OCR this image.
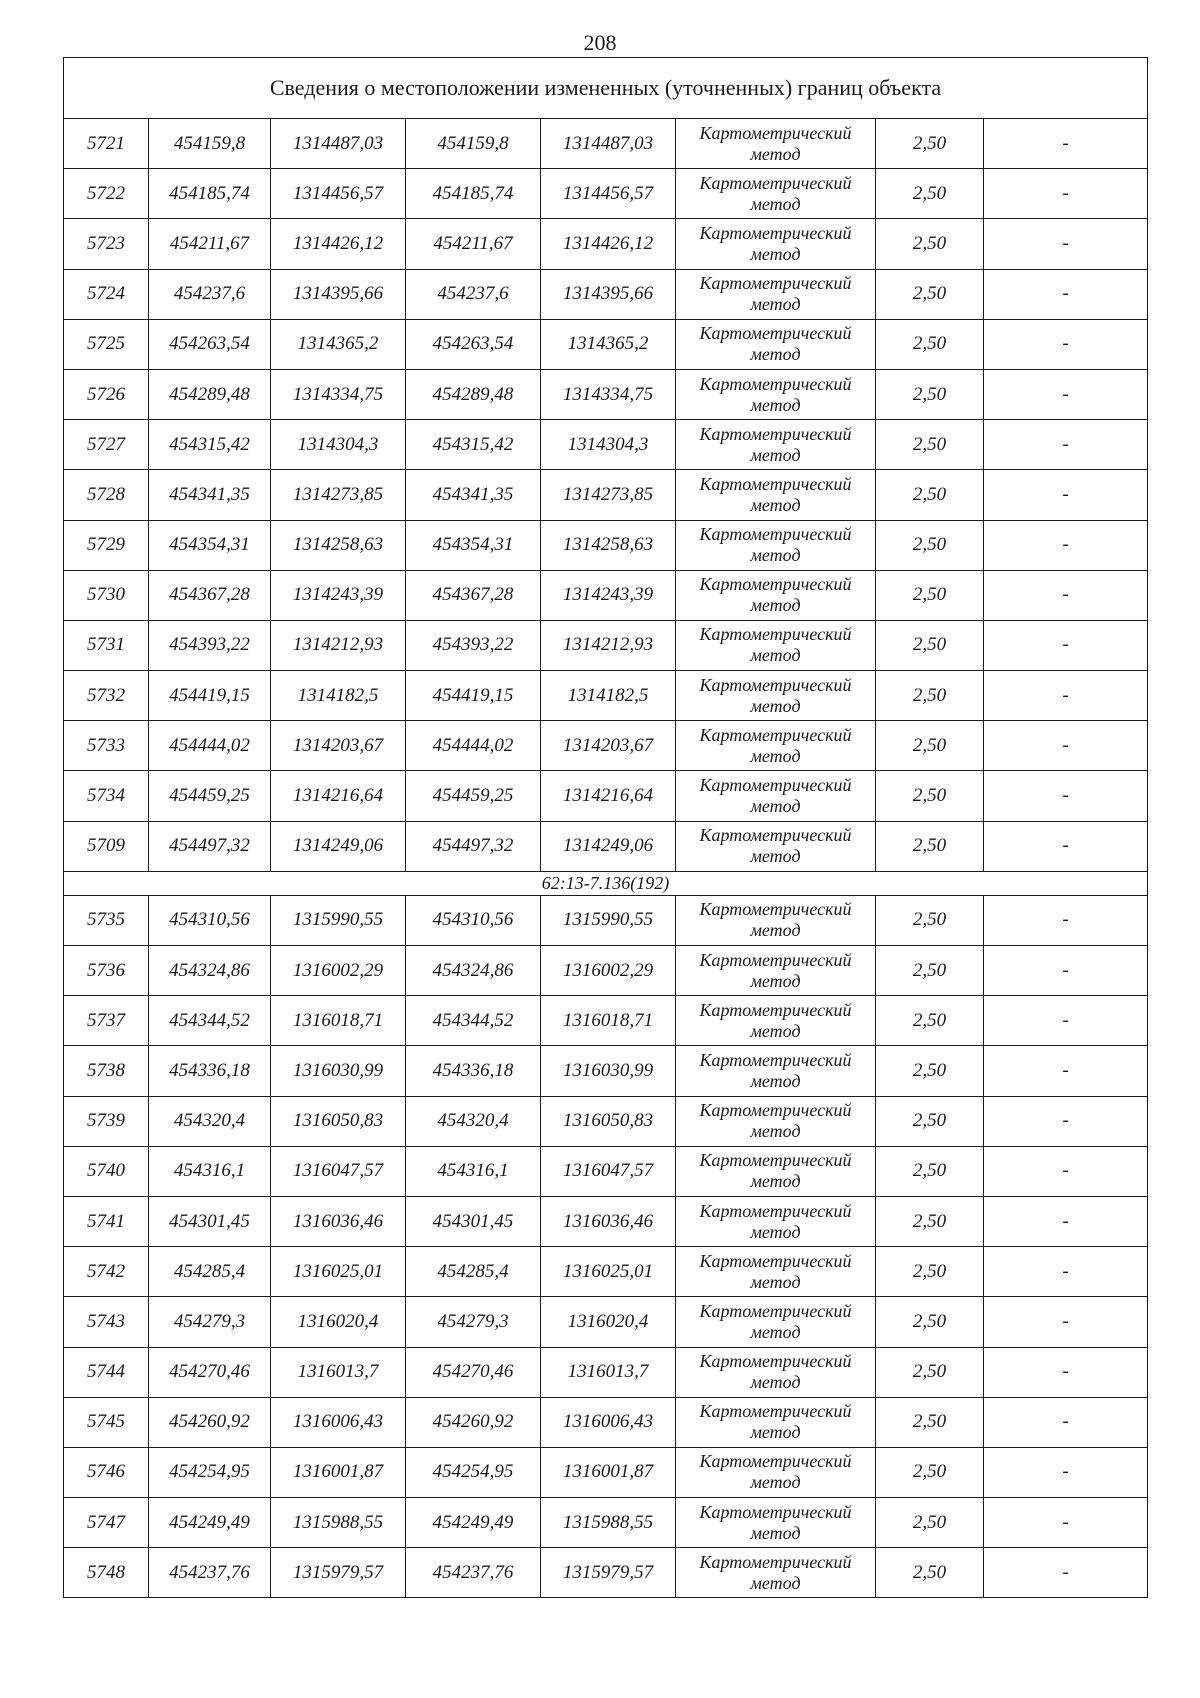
208
Сведения о местоположении измененных (уточненных) границ объекта							
5721	454159,8	1314487,03	454159,8	1314487,03	Картометрический
метод	2,50	-
5722	454185,74	1314456,57	454185,74	1314456,57	Картометрический
метод	2,50	-
5723	454211,67	1314426,12	454211,67	1314426,12	Картометрический
метод	2,50	-
5724	454237,6	1314395,66	454237,6	1314395,66	Картометрический
метод	2,50	-
5725	454263,54	1314365,2	454263,54	1314365,2	Картометрический
метод	2,50	-
5726	454289,48	1314334,75	454289,48	1314334,75	Картометрический
метод	2,50	-
5727	454315,42	1314304,3	454315,42	1314304,3	Картометрический
метод	2,50	-
5728	454341,35	1314273,85	454341,35	1314273,85	Картометрический
метод	2,50	-
5729	454354,31	1314258,63	454354,31	1314258,63	Картометрический
метод	2,50	-
5730	454367,28	1314243,39	454367,28	1314243,39	Картометрический
метод	2,50	-
5731	454393,22	1314212,93	454393,22	1314212,93	Картометрический
метод	2,50	-
5732	454419,15	1314182,5	454419,15	1314182,5	Картометрический
метод	2,50	-
5733	454444,02	1314203,67	454444,02	1314203,67	Картометрический
метод	2,50	-
5734	454459,25	1314216,64	454459,25	1314216,64	Картометрический
метод	2,50	-
5709	454497,32	1314249,06	454497,32	1314249,06	Картометрический
метод	2,50	-
62:13-7.136(192)							
5735	454310,56	1315990,55	454310,56	1315990,55	Картометрический
метод	2,50	-
5736	454324,86	1316002,29	454324,86	1316002,29	Картометрический
метод	2,50	-
5737	454344,52	1316018,71	454344,52	1316018,71	Картометрический
метод	2,50	-
5738	454336,18	1316030,99	454336,18	1316030,99	Картометрический
метод	2,50	-
5739	454320,4	1316050,83	454320,4	1316050,83	Картометрический
метод	2,50	-
5740	454316,1	1316047,57	454316,1	1316047,57	Картометрический
метод	2,50	-
5741	454301,45	1316036,46	454301,45	1316036,46	Картометрический
метод	2,50	-
5742	454285,4	1316025,01	454285,4	1316025,01	Картометрический
метод	2,50	-
5743	454279,3	1316020,4	454279,3	1316020,4	Картометрический
метод	2,50	-
5744	454270,46	1316013,7	454270,46	1316013,7	Картометрический
метод	2,50	-
5745	454260,92	1316006,43	454260,92	1316006,43	Картометрический
метод	2,50	-
5746	454254,95	1316001,87	454254,95	1316001,87	Картометрический
метод	2,50	-
5747	454249,49	1315988,55	454249,49	1315988,55	Картометрический
метод	2,50	-
5748	454237,76	1315979,57	454237,76	1315979,57	Картометрический
метод	2,50	-
